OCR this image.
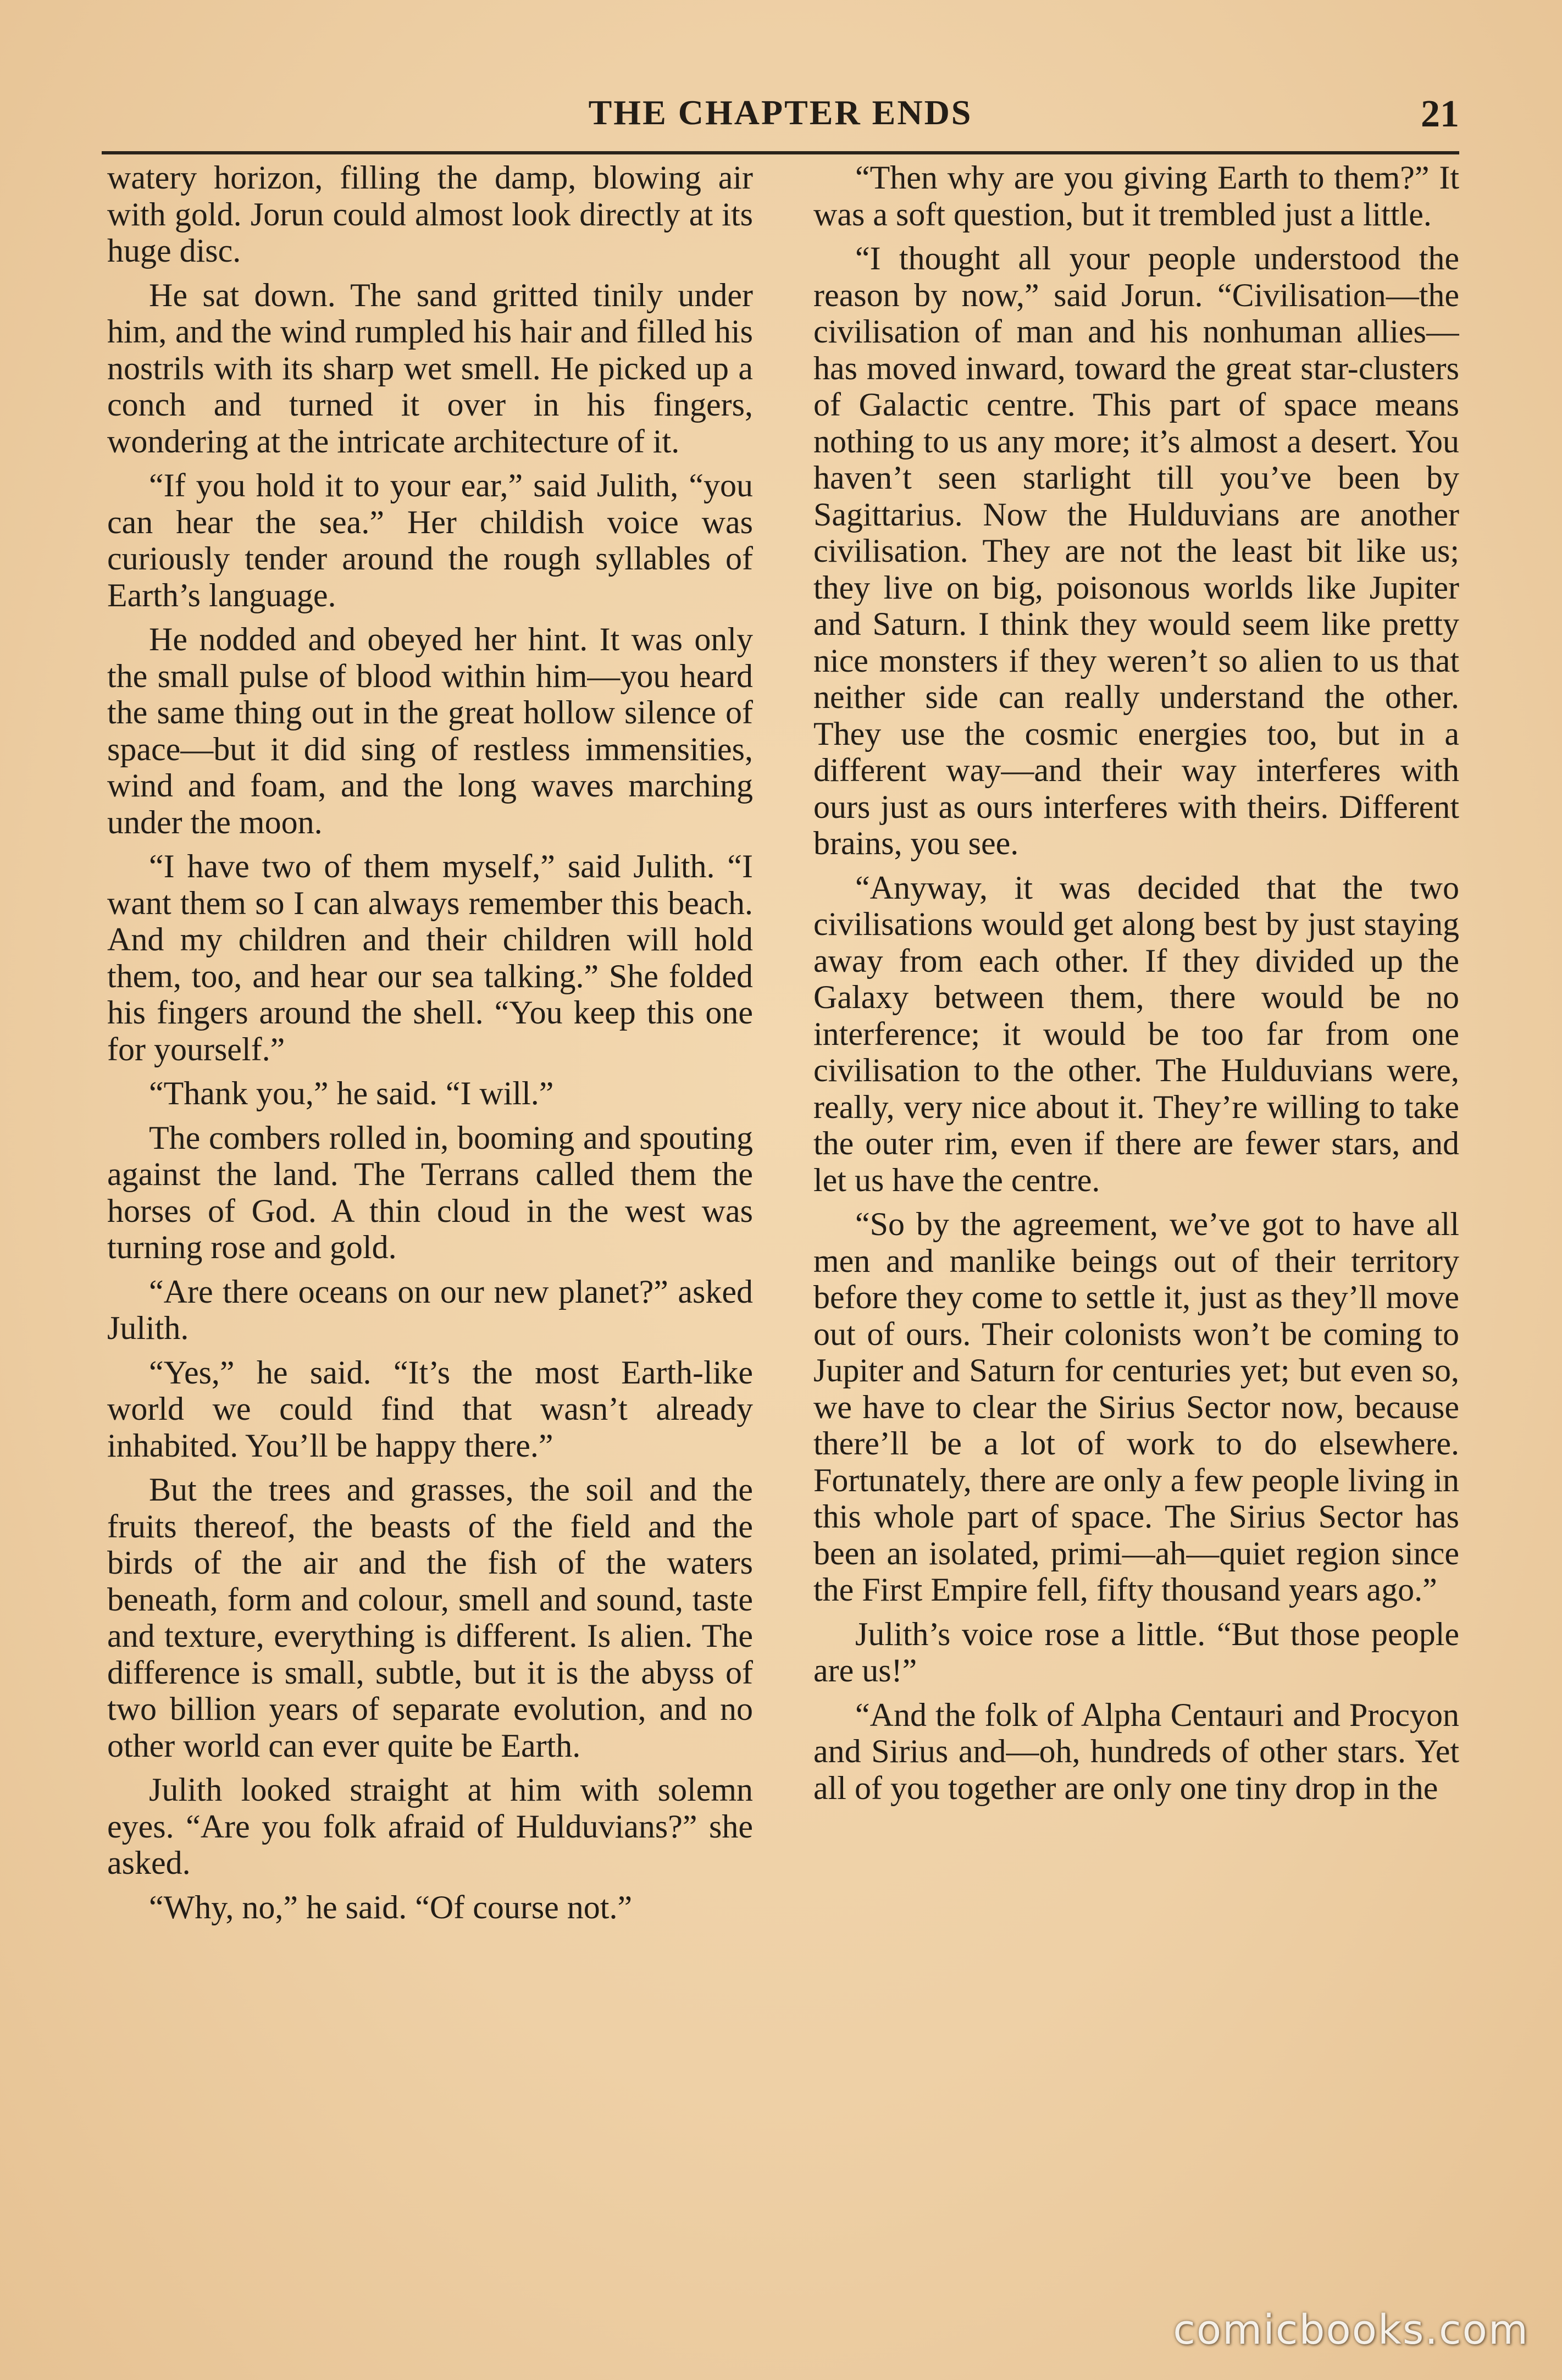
THE CHAPTER ENDS	21

watery horizon, filling the damp, blowing air with gold. Jorun could almost look directly at its huge disc.

He sat down. The sand gritted tinily under him, and the wind rumpled his hair and filled his nostrils with its sharp wet smell. He picked up a conch and turned it over in his fingers, wondering at the intricate architecture of it.

“If you hold it to your ear,” said Julith, “you can hear the sea.” Her childish voice was curiously tender around the rough syllables of Earth’s language.

He nodded and obeyed her hint. It was only the small pulse of blood within him—you heard the same thing out in the great hollow silence of space—but it did sing of restless immensities, wind and foam, and the long waves marching under the moon.

“I have two of them myself,” said Julith. “I want them so I can always remember this beach. And my children and their children will hold them, too, and hear our sea talking.” She folded his fingers around the shell. “You keep this one for yourself.”

“Thank you,” he said. “I will.”

The combers rolled in, booming and spouting against the land. The Terrans called them the horses of God. A thin cloud in the west was turning rose and gold.

“Are there oceans on our new planet?” asked Julith.

“Yes,” he said. “It’s the most Earth-like world we could find that wasn’t already inhabited. You’ll be happy there.”

But the trees and grasses, the soil and the fruits thereof, the beasts of the field and the birds of the air and the fish of the waters beneath, form and colour, smell and sound, taste and texture, everything is different. Is alien. The difference is small, subtle, but it is the abyss of two billion years of separate evolution, and no other world can ever quite be Earth.

Julith looked straight at him with solemn eyes. “Are you folk afraid of Hulduvians?” she asked.

“Why, no,” he said. “Of course not.”

“Then why are you giving Earth to them?” It was a soft question, but it trembled just a little.

“I thought all your people understood the reason by now,” said Jorun. “Civilisation—the civilisation of man and his nonhuman allies—has moved inward, toward the great star-clusters of Galactic centre. This part of space means nothing to us any more; it’s almost a desert. You haven’t seen starlight till you’ve been by Sagittarius. Now the Hulduvians are another civilisation. They are not the least bit like us; they live on big, poisonous worlds like Jupiter and Saturn. I think they would seem like pretty nice monsters if they weren’t so alien to us that neither side can really understand the other. They use the cosmic energies too, but in a different way—and their way interferes with ours just as ours interferes with theirs. Different brains, you see.

“Anyway, it was decided that the two civilisations would get along best by just staying away from each other. If they divided up the Galaxy between them, there would be no interference; it would be too far from one civilisation to the other. The Hulduvians were, really, very nice about it. They’re willing to take the outer rim, even if there are fewer stars, and let us have the centre.

“So by the agreement, we’ve got to have all men and manlike beings out of their territory before they come to settle it, just as they’ll move out of ours. Their colonists won’t be coming to Jupiter and Saturn for centuries yet; but even so, we have to clear the Sirius Sector now, because there’ll be a lot of work to do elsewhere. Fortunately, there are only a few people living in this whole part of space. The Sirius Sector has been an isolated, primi—ah—quiet region since the First Empire fell, fifty thousand years ago.”

Julith’s voice rose a little. “But those people are us!”

“And the folk of Alpha Centauri and Procyon and Sirius and—oh, hundreds of other stars. Yet all of you together are only one tiny drop in the

comicbooks.com
